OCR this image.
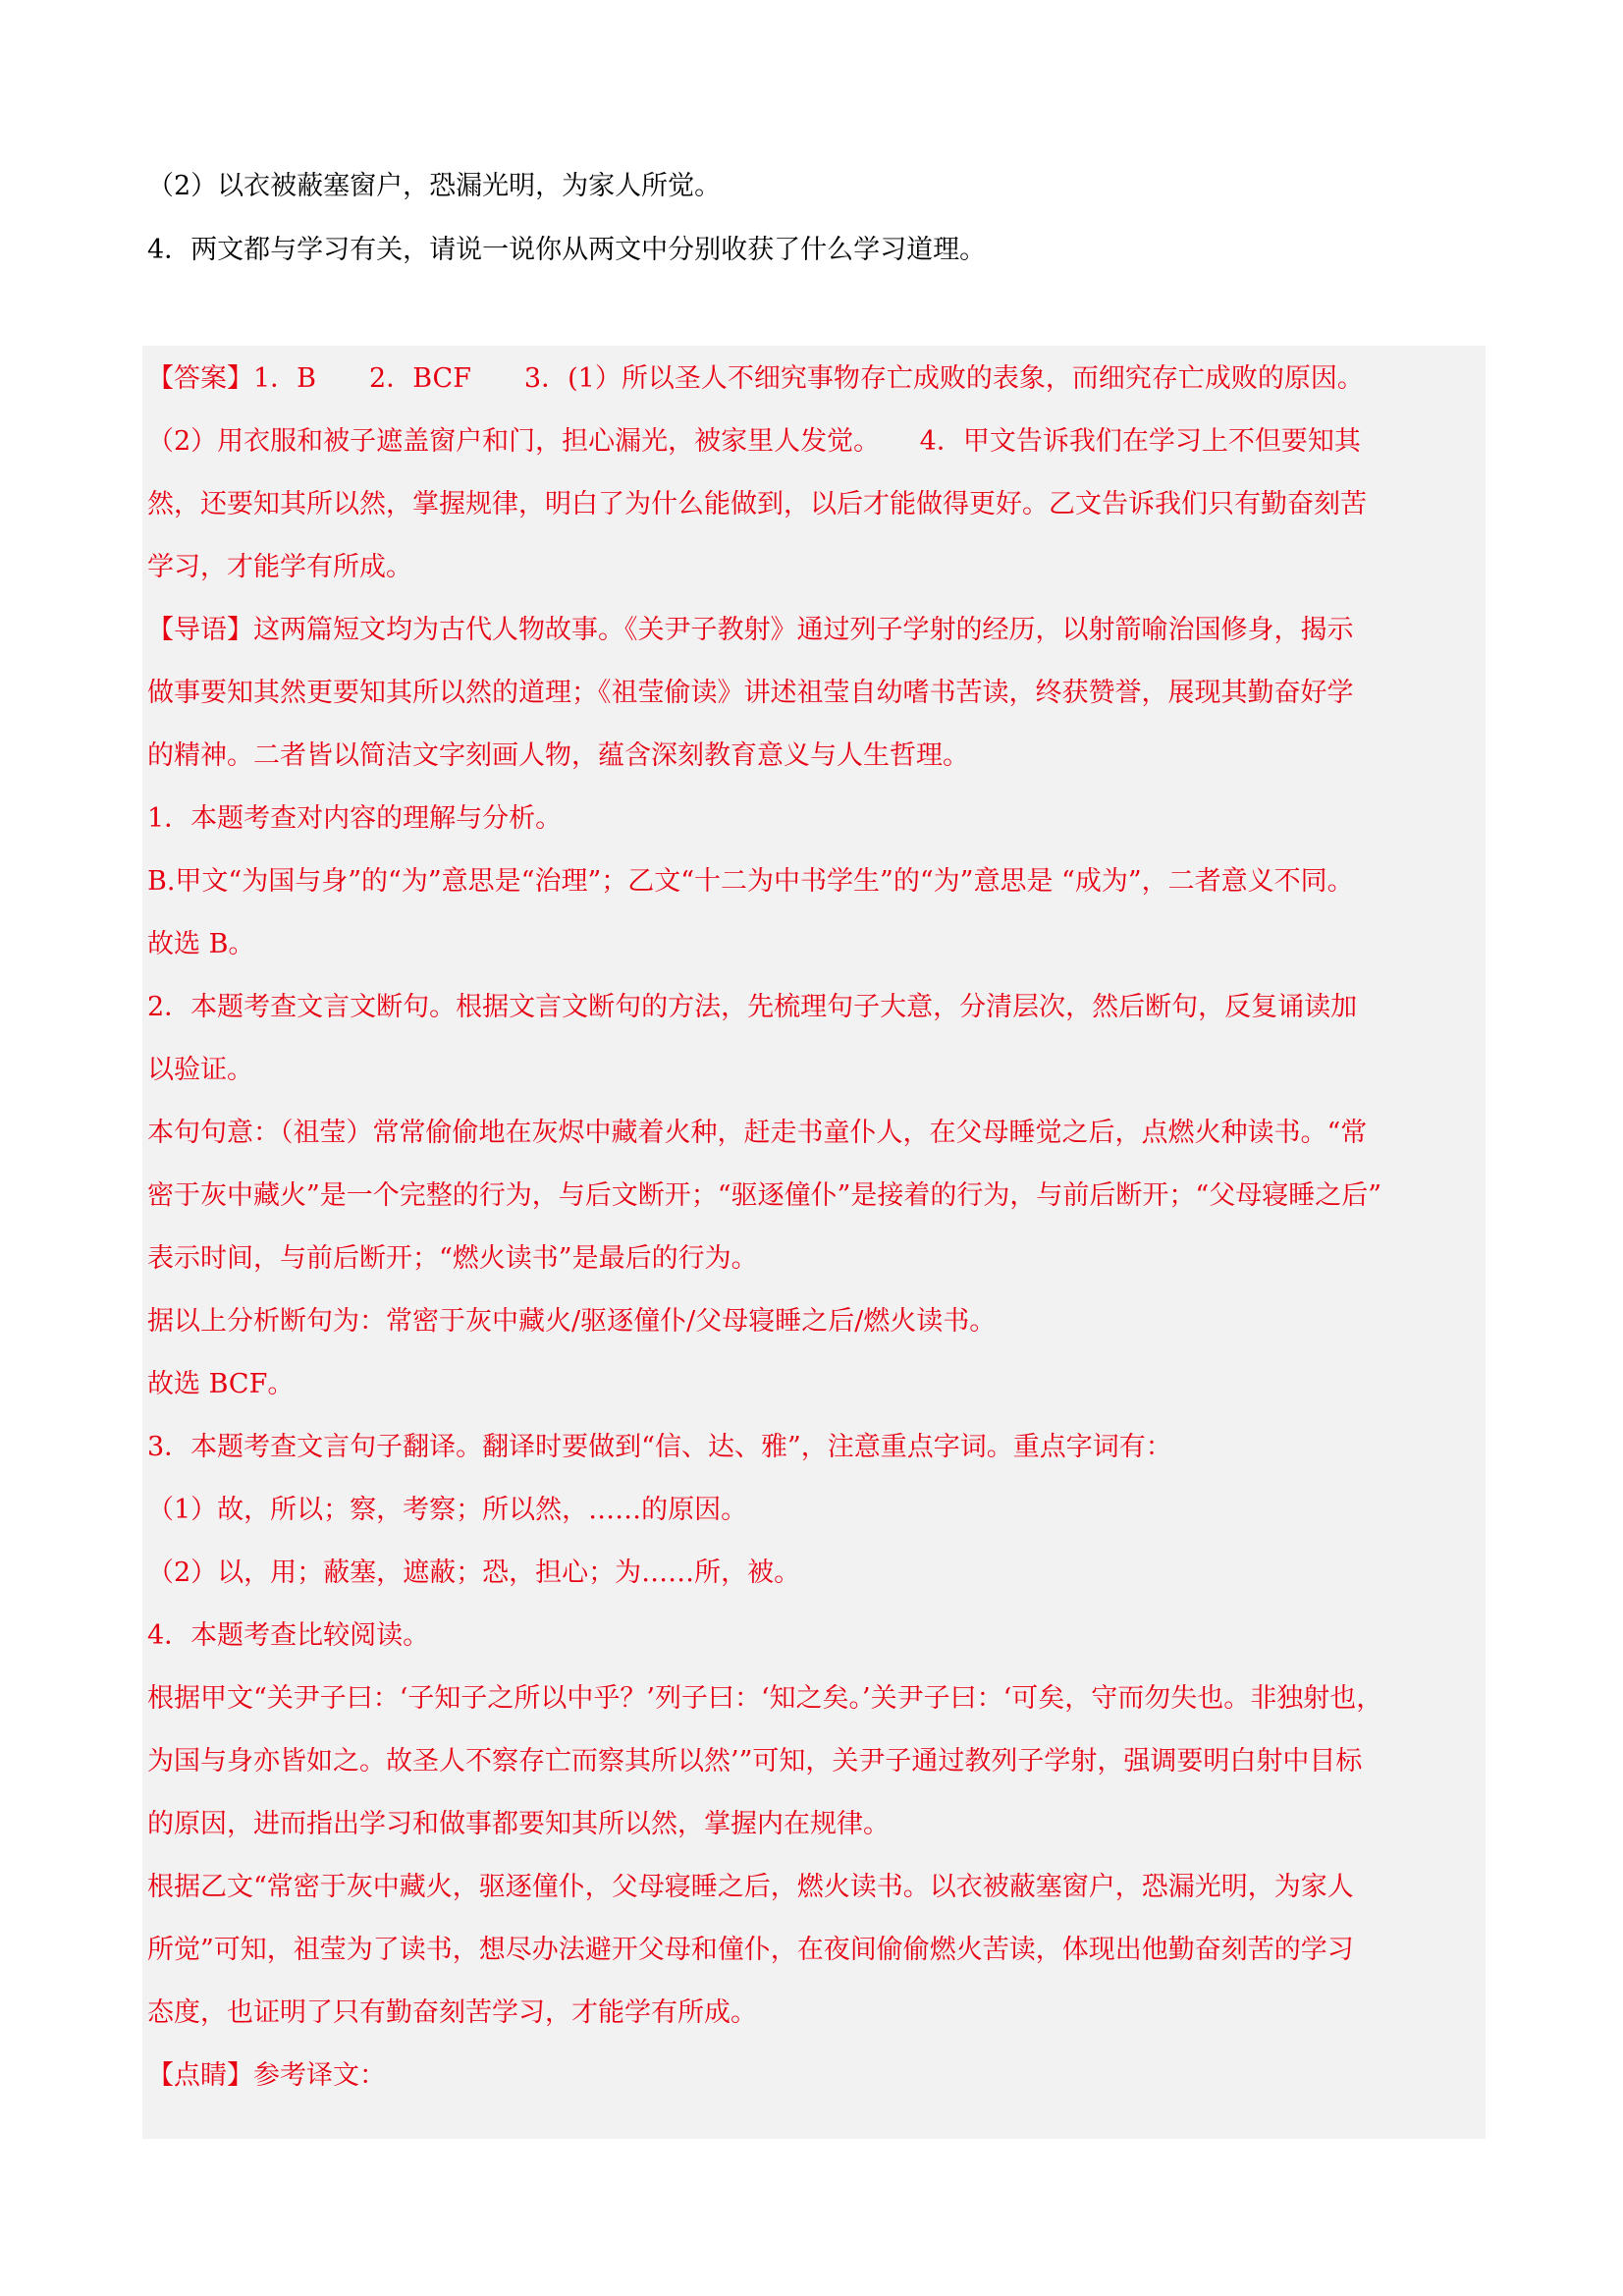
（2）以衣被蔽塞窗户，恐漏光明，为家人所觉。
4．两文都与学习有关，请说一说你从两文中分别收获了什么学习道理。
【答案】1．B　　2．BCF　　3．(1）所以圣人不细究事物存亡成败的表象，而细究存亡成败的原因。
（2）用衣服和被子遮盖窗户和门，担心漏光，被家里人发觉。　　4．甲文告诉我们在学习上不但要知其
然，还要知其所以然，掌握规律，明白了为什么能做到，以后才能做得更好。乙文告诉我们只有勤奋刻苦
学习，才能学有所成。
【导语】这两篇短文均为古代人物故事。《关尹子教射》通过列子学射的经历，以射箭喻治国修身，揭示
做事要知其然更要知其所以然的道理；《祖莹偷读》讲述祖莹自幼嗜书苦读，终获赞誉，展现其勤奋好学
的精神。二者皆以简洁文字刻画人物，蕴含深刻教育意义与人生哲理。
1．本题考查对内容的理解与分析。
B.甲文“为国与身”的“为”意思是“治理”；乙文“十二为中书学生”的“为”意思是 “成为”，二者意义不同。
故选 B。
2．本题考查文言文断句。根据文言文断句的方法，先梳理句子大意，分清层次，然后断句，反复诵读加
以验证。
本句句意：（祖莹）常常偷偷地在灰烬中藏着火种，赶走书童仆人，在父母睡觉之后，点燃火种读书。“常
密于灰中藏火”是一个完整的行为，与后文断开；“驱逐僮仆”是接着的行为，与前后断开；“父母寝睡之后”
表示时间，与前后断开；“燃火读书”是最后的行为。
据以上分析断句为：常密于灰中藏火/驱逐僮仆/父母寝睡之后/燃火读书。
故选 BCF。
3．本题考查文言句子翻译。翻译时要做到“信、达、雅”，注意重点字词。重点字词有：
（1）故，所以；察，考察；所以然，……的原因。
（2）以，用；蔽塞，遮蔽；恐，担心；为……所，被。
4．本题考查比较阅读。
根据甲文“关尹子曰：‘子知子之所以中乎？’列子曰：‘知之矣。’关尹子曰：‘可矣，守而勿失也。非独射也，
为国与身亦皆如之。故圣人不察存亡而察其所以然’”可知，关尹子通过教列子学射，强调要明白射中目标
的原因，进而指出学习和做事都要知其所以然，掌握内在规律。
根据乙文“常密于灰中藏火，驱逐僮仆，父母寝睡之后，燃火读书。以衣被蔽塞窗户，恐漏光明，为家人
所觉”可知，祖莹为了读书，想尽办法避开父母和僮仆，在夜间偷偷燃火苦读，体现出他勤奋刻苦的学习
态度，也证明了只有勤奋刻苦学习，才能学有所成。
【点睛】参考译文：
